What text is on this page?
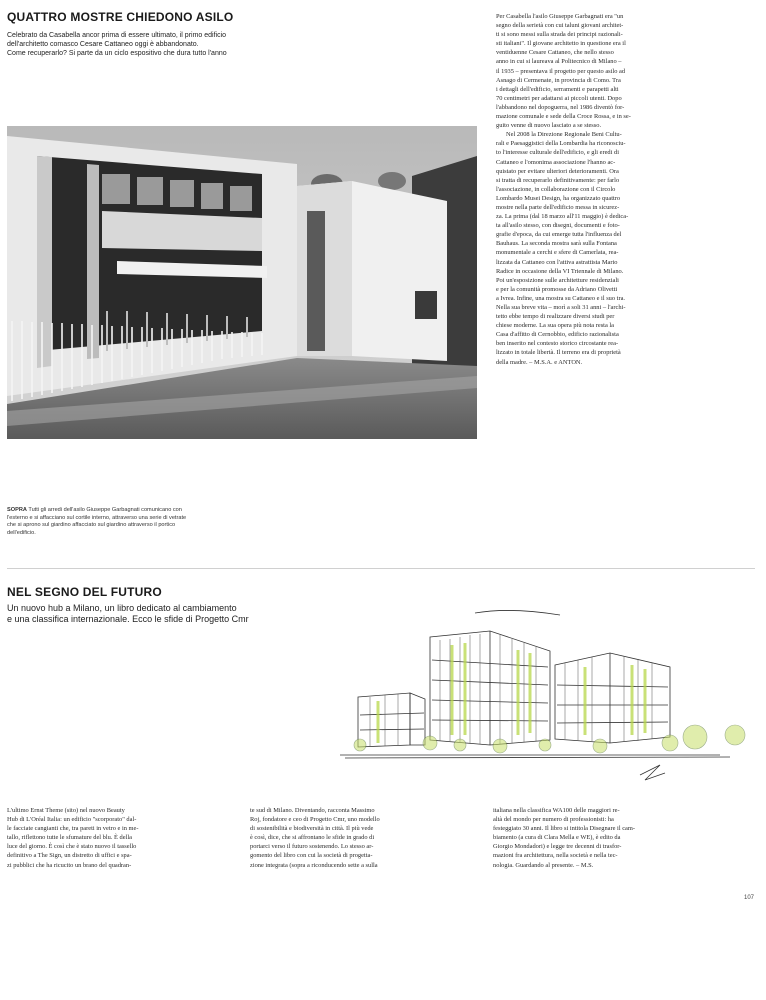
QUATTRO MOSTRE CHIEDONO ASILO
Celebrato da Casabella ancor prima di essere ultimato, il primo edificio
dell'architetto comasco Cesare Cattaneo oggi è abbandonato.
Come recuperarlo? Si parte da un ciclo espositivo che dura tutto l'anno
SOPRA Tutti gli arredi dell'asilo Giuseppe Garbagnati comunicano con l'esterno e si affacciano sul cortile interno, attraverso una serie di vetrate che si aprono sul giardino affacciato sul giardino attraverso il portico dell'edificio.
Per Casabella l'asilo Giuseppe Garbagnati era "un
segno della serietà con cui taluni giovani architet-
ti si sono messi sulla strada dei principi razionali-
sti italiani". Il giovane architetto in questione era il
ventiduenne Cesare Cattaneo, che nello stesso
anno in cui si laureava al Politecnico di Milano –
il 1935 – presentava il progetto per questo asilo ad
Asnago di Cermenate, in provincia di Como. Tra
i dettagli dell'edificio, serramenti e parapetti alti
70 centimetri per adattarsi ai piccoli utenti. Dopo
l'abbandono nel dopoguerra, nel 1986 diventò for-
mazione comunale e sede della Croce Rossa, e in se-
guito venne di nuovo lasciato a se stesso.
Nel 2008 la Direzione Regionale Beni Cultu-
rali e Paesaggistici della Lombardia ha riconosciu-
to l'interesse culturale dell'edificio, e gli eredi di
Cattaneo e l'omonima associazione l'hanno ac-
quistato per evitare ulteriori deterioramenti. Ora
si tratta di recuperarlo definitivamente: per farlo
l'associazione, in collaborazione con il Circolo
Lombardo Musei Design, ha organizzato quattro
mostre nella parte dell'edificio messa in sicurez-
za. La prima (dal 18 marzo all'11 maggio) è dedica-
ta all'asilo stesso, con disegni, documenti e foto-
grafie d'epoca, da cui emerge tutta l'influenza del
Bauhaus. La seconda mostra sarà sulla Fontana
monumentale a cerchi e sfere di Camerlata, rea-
lizzata da Cattaneo con l'attiva astrattista Mario
Radice in occasione della VI Triennale di Milano.
Poi un'esposizione sulle architetture residenziali
e per la comunità promosse da Adriano Olivetti
a Ivrea. Infine, una mostra su Cattaneo e il suo tra.
Nella sua breve vita – morì a soli 31 anni – l'archi-
tetto ebbe tempo di realizzare diversi studi per
chiese moderne. La sua opera più nota resta la
Casa d'affitto di Cernobbio, edificio razionalista
ben inserito nel contesto storico circostante rea-
lizzato in totale libertà. Il terreno era di proprietà
della madre. – M.S.A. e ANTON.
NEL SEGNO DEL FUTURO
Un nuovo hub a Milano, un libro dedicato al cambiamento
e una classifica internazionale. Ecco le sfide di Progetto Cmr
L'ultimo Ernst Theme (sito) nel nuovo Beauty
Hub di L'Oréal Italia: un edificio "scorporato" dal-
le facciate cangianti che, tra pareti in vetro e in me-
tallo, riflettono tutte le sfumature del blu. È della
luce del giorno. È così che è stato nuovo il tassello
definitivo a The Sign, un distretto di uffici e spa-
zi pubblici che ha ricucito un brano del quadran-
te sud di Milano. Diventando, racconta Massimo
Roj, fondatore e ceo di Progetto Cmr, uno modello
di sostenibilità e biodiversità in città. Il più vede
è così, dice, che si affrontano le sfide in grado di
portarci verso il futuro sostenendo. Lo stesso ar-
gomento del libro con cui la società di progetta-
zione integrata (sopra a riconducendo sette a sulla
italiana nella classifica WA100 delle maggiori re-
altà del mondo per numero di professionisti: ha
festeggiato 30 anni. Il libro si intitola Disegnare il cam-
biamento (a cura di Clara Mella e WE), è edito da
Giorgio Mondadori) e legge tre decenni di trasfor-
mazioni fra architettura, nella società e nella tec-
nologia. Guardando al presente. – M.S.
107
